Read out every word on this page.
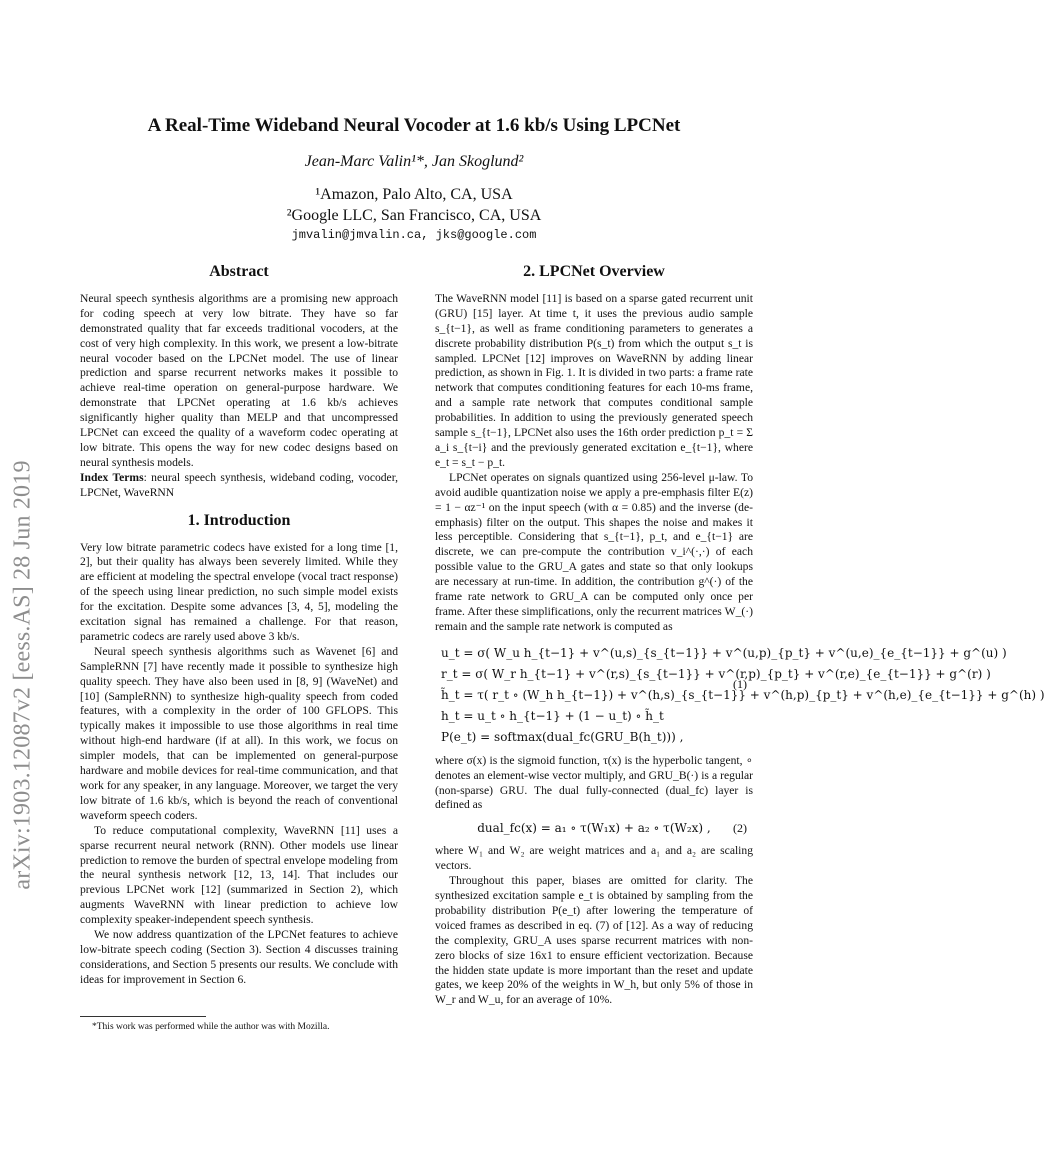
arXiv:1903.12087v2 [eess.AS] 28 Jun 2019
A Real-Time Wideband Neural Vocoder at 1.6 kb/s Using LPCNet
Jean-Marc Valin¹*, Jan Skoglund²
¹Amazon, Palo Alto, CA, USA
²Google LLC, San Francisco, CA, USA
jmvalin@jmvalin.ca, jks@google.com
Abstract

Neural speech synthesis algorithms are a promising new approach for coding speech at very low bitrate. They have so far demonstrated quality that far exceeds traditional vocoders, at the cost of very high complexity. In this work, we present a low-bitrate neural vocoder based on the LPCNet model. The use of linear prediction and sparse recurrent networks makes it possible to achieve real-time operation on general-purpose hardware. We demonstrate that LPCNet operating at 1.6 kb/s achieves significantly higher quality than MELP and that uncompressed LPCNet can exceed the quality of a waveform codec operating at low bitrate. This opens the way for new codec designs based on neural synthesis models.

Index Terms: neural speech synthesis, wideband coding, vocoder, LPCNet, WaveRNN

1. Introduction

Very low bitrate parametric codecs have existed for a long time [1, 2], but their quality has always been severely limited. While they are efficient at modeling the spectral envelope (vocal tract response) of the speech using linear prediction, no such simple model exists for the excitation. Despite some advances [3, 4, 5], modeling the excitation signal has remained a challenge. For that reason, parametric codecs are rarely used above 3 kb/s.

Neural speech synthesis algorithms such as Wavenet [6] and SampleRNN [7] have recently made it possible to synthesize high quality speech. They have also been used in [8, 9] (WaveNet) and [10] (SampleRNN) to synthesize high-quality speech from coded features, with a complexity in the order of 100 GFLOPS. This typically makes it impossible to use those algorithms in real time without high-end hardware (if at all). In this work, we focus on simpler models, that can be implemented on general-purpose hardware and mobile devices for real-time communication, and that work for any speaker, in any language. Moreover, we target the very low bitrate of 1.6 kb/s, which is beyond the reach of conventional waveform speech coders.

To reduce computational complexity, WaveRNN [11] uses a sparse recurrent neural network (RNN). Other models use linear prediction to remove the burden of spectral envelope modeling from the neural synthesis network [12, 13, 14]. That includes our previous LPCNet work [12] (summarized in Section 2), which augments WaveRNN with linear prediction to achieve low complexity speaker-independent speech synthesis.

We now address quantization of the LPCNet features to achieve low-bitrate speech coding (Section 3). Section 4 discusses training considerations, and Section 5 presents our results. We conclude with ideas for improvement in Section 6.

*This work was performed while the author was with Mozilla.
2. LPCNet Overview

The WaveRNN model [11] is based on a sparse gated recurrent unit (GRU) [15] layer. At time t, it uses the previous audio sample s_{t−1}, as well as frame conditioning parameters to generates a discrete probability distribution P(s_t) from which the output s_t is sampled. LPCNet [12] improves on WaveRNN by adding linear prediction, as shown in Fig. 1. It is divided in two parts: a frame rate network that computes conditioning features for each 10-ms frame, and a sample rate network that computes conditional sample probabilities. In addition to using the previously generated speech sample s_{t−1}, LPCNet also uses the 16th order prediction p_t = Σ a_i s_{t−i} and the previously generated excitation e_{t−1}, where e_t = s_t − p_t.

LPCNet operates on signals quantized using 256-level μ-law. To avoid audible quantization noise we apply a pre-emphasis filter E(z) = 1 − αz⁻¹ on the input speech (with α = 0.85) and the inverse (de-emphasis) filter on the output. This shapes the noise and makes it less perceptible. Considering that s_{t−1}, p_t, and e_{t−1} are discrete, we can pre-compute the contribution v_i^(·,·) of each possible value to the GRU_A gates and state so that only lookups are necessary at run-time. In addition, the contribution g^(·) of the frame rate network to GRU_A can be computed only once per frame. After these simplifications, only the recurrent matrices W_(·) remain and the sample rate network is computed as

u_t = σ( W_u h_{t−1} + v^(u,s)_{s_{t−1}} + v^(u,p)_{p_t} + v^(u,e)_{e_{t−1}} + g^(u) )
r_t = σ( W_r h_{t−1} + v^(r,s)_{s_{t−1}} + v^(r,p)_{p_t} + v^(r,e)_{e_{t−1}} + g^(r) )
h̃_t = τ( r_t ∘ (W_h h_{t−1}) + v^(h,s)_{s_{t−1}} + v^(h,p)_{p_t} + v^(h,e)_{e_{t−1}} + g^(h) )
h_t = u_t ∘ h_{t−1} + (1 − u_t) ∘ h̃_t
P(e_t) = softmax(dual_fc(GRU_B(h_t))) ,
(1)

where σ(x) is the sigmoid function, τ(x) is the hyperbolic tangent, ∘ denotes an element-wise vector multiply, and GRU_B(·) is a regular (non-sparse) GRU. The dual fully-connected (dual_fc) layer is defined as

dual_fc(x) = a₁ ∘ τ(W₁x) + a₂ ∘ τ(W₂x) , (2)

where W₁ and W₂ are weight matrices and a₁ and a₂ are scaling vectors.

Throughout this paper, biases are omitted for clarity. The synthesized excitation sample e_t is obtained by sampling from the probability distribution P(e_t) after lowering the temperature of voiced frames as described in eq. (7) of [12]. As a way of reducing the complexity, GRU_A uses sparse recurrent matrices with non-zero blocks of size 16x1 to ensure efficient vectorization. Because the hidden state update is more important than the reset and update gates, we keep 20% of the weights in W_h, but only 5% of those in W_r and W_u, for an average of 10%.
